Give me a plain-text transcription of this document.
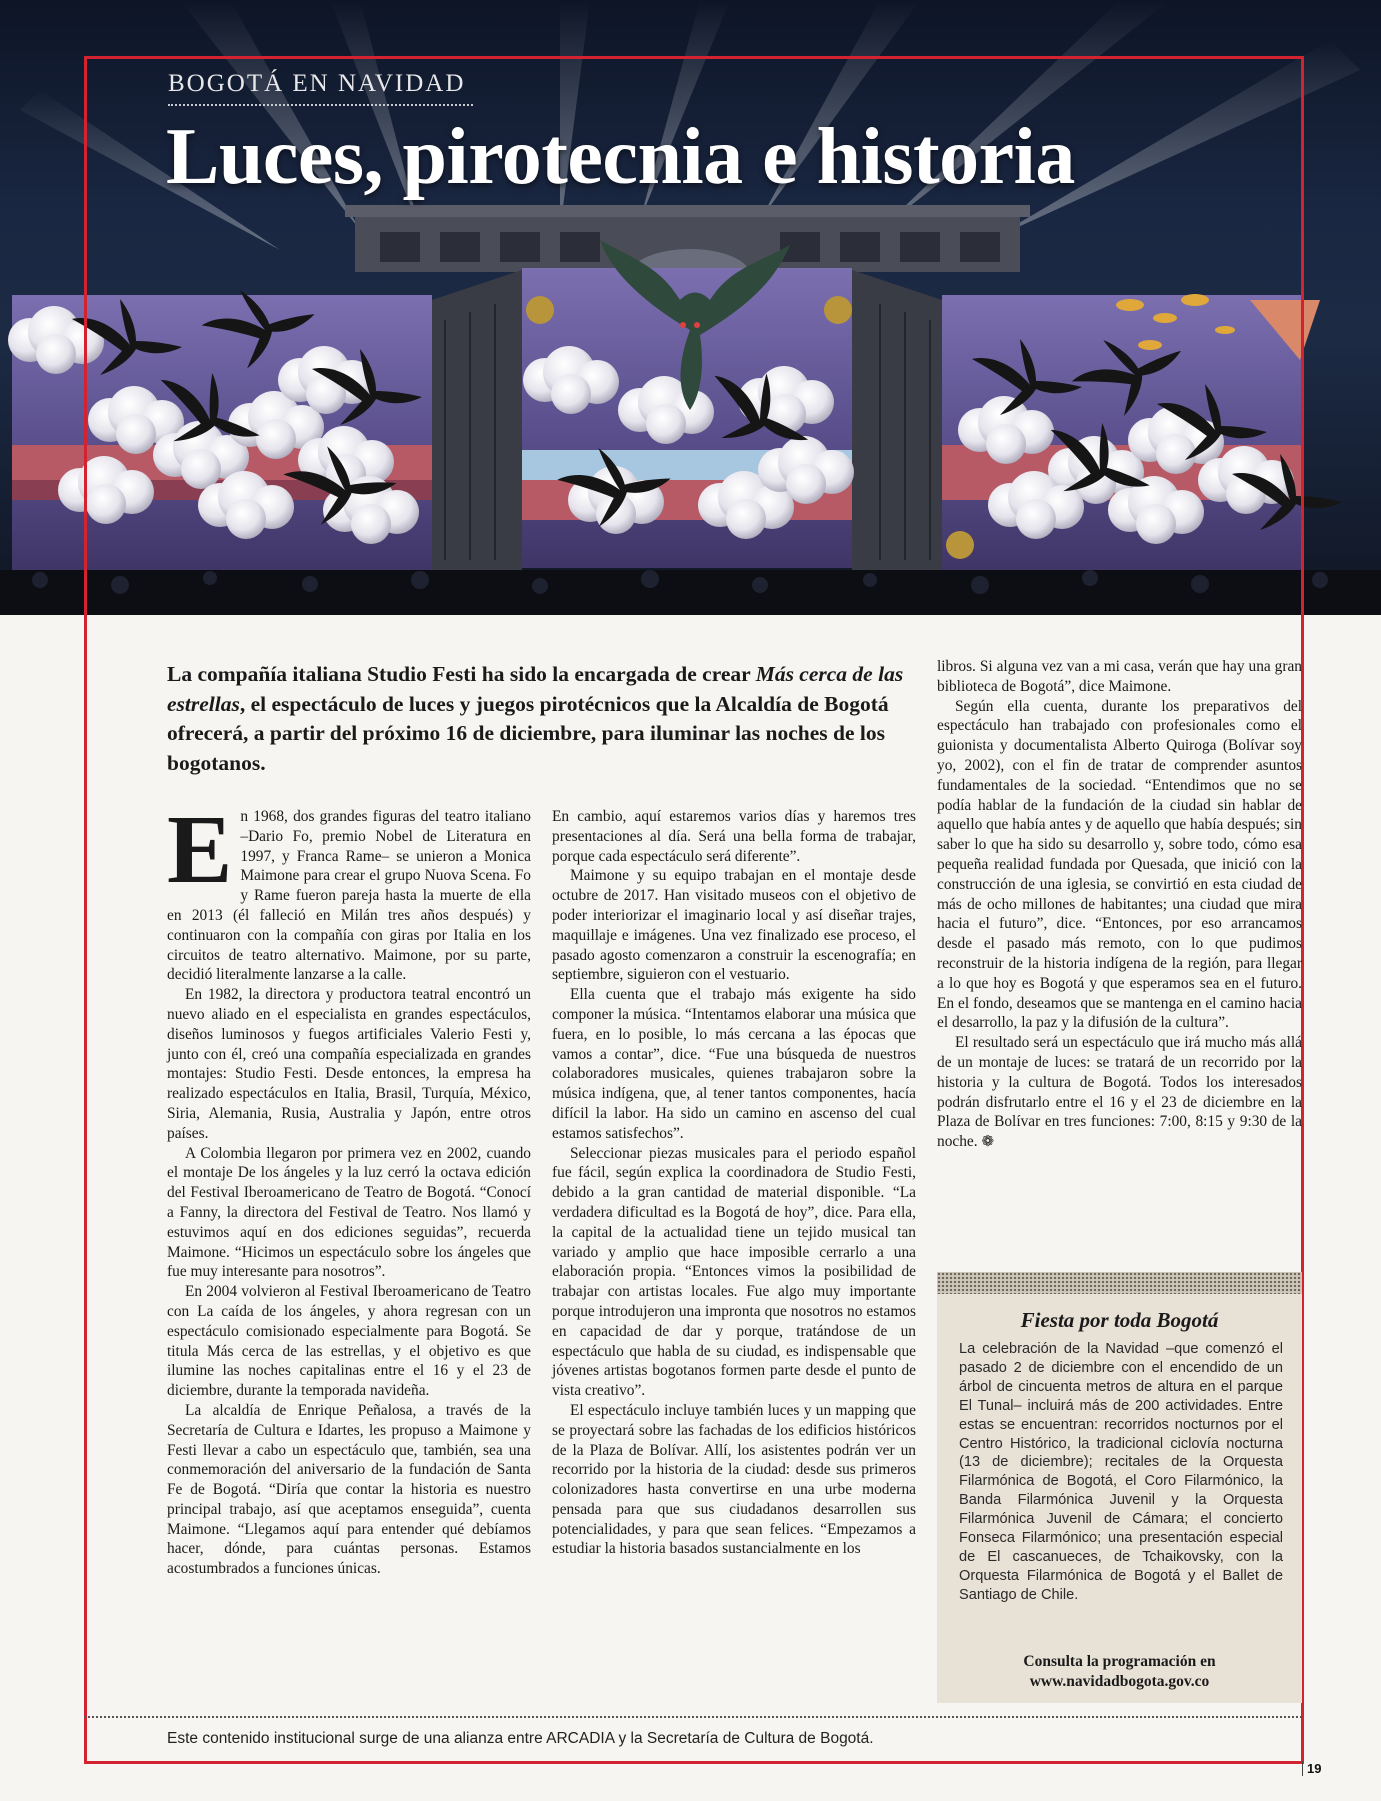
BOGOTÁ EN NAVIDAD
Luces, pirotecnia e historia

La compañía italiana Studio Festi ha sido la encargada de crear Más cerca de las estrellas, el espectáculo de luces y juegos pirotécnicos que la Alcaldía de Bogotá ofrecerá, a partir del próximo 16 de diciembre, para iluminar las noches de los bogotanos.

En 1968, dos grandes figuras del teatro italiano –Dario Fo, premio Nobel de Literatura en 1997, y Franca Rame– se unieron a Monica Maimone para crear el grupo Nuova Scena. Fo y Rame fueron pareja hasta la muerte de ella en 2013 (él falleció en Milán tres años después) y continuaron con la compañía con giras por Italia en los circuitos de teatro alternativo. Maimone, por su parte, decidió literalmente lanzarse a la calle.

En 1982, la directora y productora teatral encontró un nuevo aliado en el especialista en grandes espectáculos, diseños luminosos y fuegos artificiales Valerio Festi y, junto con él, creó una compañía especializada en grandes montajes: Studio Festi. Desde entonces, la empresa ha realizado espectáculos en Italia, Brasil, Turquía, México, Siria, Alemania, Rusia, Australia y Japón, entre otros países.

A Colombia llegaron por primera vez en 2002, cuando el montaje De los ángeles y la luz cerró la octava edición del Festival Iberoamericano de Teatro de Bogotá. “Conocí a Fanny, la directora del Festival de Teatro. Nos llamó y estuvimos aquí en dos ediciones seguidas”, recuerda Maimone. “Hicimos un espectáculo sobre los ángeles que fue muy interesante para nosotros”.

En 2004 volvieron al Festival Iberoamericano de Teatro con La caída de los ángeles, y ahora regresan con un espectáculo comisionado especialmente para Bogotá. Se titula Más cerca de las estrellas, y el objetivo es que ilumine las noches capitalinas entre el 16 y el 23 de diciembre, durante la temporada navideña.

La alcaldía de Enrique Peñalosa, a través de la Secretaría de Cultura e Idartes, les propuso a Maimone y Festi llevar a cabo un espectáculo que, también, sea una conmemoración del aniversario de la fundación de Santa Fe de Bogotá. “Diría que contar la historia es nuestro principal trabajo, así que aceptamos enseguida”, cuenta Maimone. “Llegamos aquí para entender qué debíamos hacer, dónde, para cuántas personas. Estamos acostumbrados a funciones únicas.

En cambio, aquí estaremos varios días y haremos tres presentaciones al día. Será una bella forma de trabajar, porque cada espectáculo será diferente”.

Maimone y su equipo trabajan en el montaje desde octubre de 2017. Han visitado museos con el objetivo de poder interiorizar el imaginario local y así diseñar trajes, maquillaje e imágenes. Una vez finalizado ese proceso, el pasado agosto comenzaron a construir la escenografía; en septiembre, siguieron con el vestuario.

Ella cuenta que el trabajo más exigente ha sido componer la música. “Intentamos elaborar una música que fuera, en lo posible, lo más cercana a las épocas que vamos a contar”, dice. “Fue una búsqueda de nuestros colaboradores musicales, quienes trabajaron sobre la música indígena, que, al tener tantos componentes, hacía difícil la labor. Ha sido un camino en ascenso del cual estamos satisfechos”.

Seleccionar piezas musicales para el periodo español fue fácil, según explica la coordinadora de Studio Festi, debido a la gran cantidad de material disponible. “La verdadera dificultad es la Bogotá de hoy”, dice. Para ella, la capital de la actualidad tiene un tejido musical tan variado y amplio que hace imposible cerrarlo a una elaboración propia. “Entonces vimos la posibilidad de trabajar con artistas locales. Fue algo muy importante porque introdujeron una impronta que nosotros no estamos en capacidad de dar y porque, tratándose de un espectáculo que habla de su ciudad, es indispensable que jóvenes artistas bogotanos formen parte desde el punto de vista creativo”.

El espectáculo incluye también luces y un mapping que se proyectará sobre las fachadas de los edificios históricos de la Plaza de Bolívar. Allí, los asistentes podrán ver un recorrido por la historia de la ciudad: desde sus primeros colonizadores hasta convertirse en una urbe moderna pensada para que sus ciudadanos desarrollen sus potencialidades, y para que sean felices. “Empezamos a estudiar la historia basados sustancialmente en los

libros. Si alguna vez van a mi casa, verán que hay una gran biblioteca de Bogotá”, dice Maimone.

Según ella cuenta, durante los preparativos del espectáculo han trabajado con profesionales como el guionista y documentalista Alberto Quiroga (Bolívar soy yo, 2002), con el fin de tratar de comprender asuntos fundamentales de la sociedad. “Entendimos que no se podía hablar de la fundación de la ciudad sin hablar de aquello que había antes y de aquello que había después; sin saber lo que ha sido su desarrollo y, sobre todo, cómo esa pequeña realidad fundada por Quesada, que inició con la construcción de una iglesia, se convirtió en esta ciudad de más de ocho millones de habitantes; una ciudad que mira hacia el futuro”, dice. “Entonces, por eso arrancamos desde el pasado más remoto, con lo que pudimos reconstruir de la historia indígena de la región, para llegar a lo que hoy es Bogotá y que esperamos sea en el futuro. En el fondo, deseamos que se mantenga en el camino hacia el desarrollo, la paz y la difusión de la cultura”.

El resultado será un espectáculo que irá mucho más allá de un montaje de luces: se tratará de un recorrido por la historia y la cultura de Bogotá. Todos los interesados podrán disfrutarlo entre el 16 y el 23 de diciembre en la Plaza de Bolívar en tres funciones: 7:00, 8:15 y 9:30 de la noche. ❁

Fiesta por toda Bogotá

La celebración de la Navidad –que comenzó el pasado 2 de diciembre con el encendido de un árbol de cincuenta metros de altura en el parque El Tunal– incluirá más de 200 actividades. Entre estas se encuentran: recorridos nocturnos por el Centro Histórico, la tradicional ciclovía nocturna (13 de diciembre); recitales de la Orquesta Filarmónica de Bogotá, el Coro Filarmónico, la Banda Filarmónica Juvenil y la Orquesta Filarmónica Juvenil de Cámara; el concierto Fonseca Filarmónico; una presentación especial de El cascanueces, de Tchaikovsky, con la Orquesta Filarmónica de Bogotá y el Ballet de Santiago de Chile.

Consulta la programación en
www.navidadbogota.gov.co

Este contenido institucional surge de una alianza entre ARCADIA y la Secretaría de Cultura de Bogotá.

19
